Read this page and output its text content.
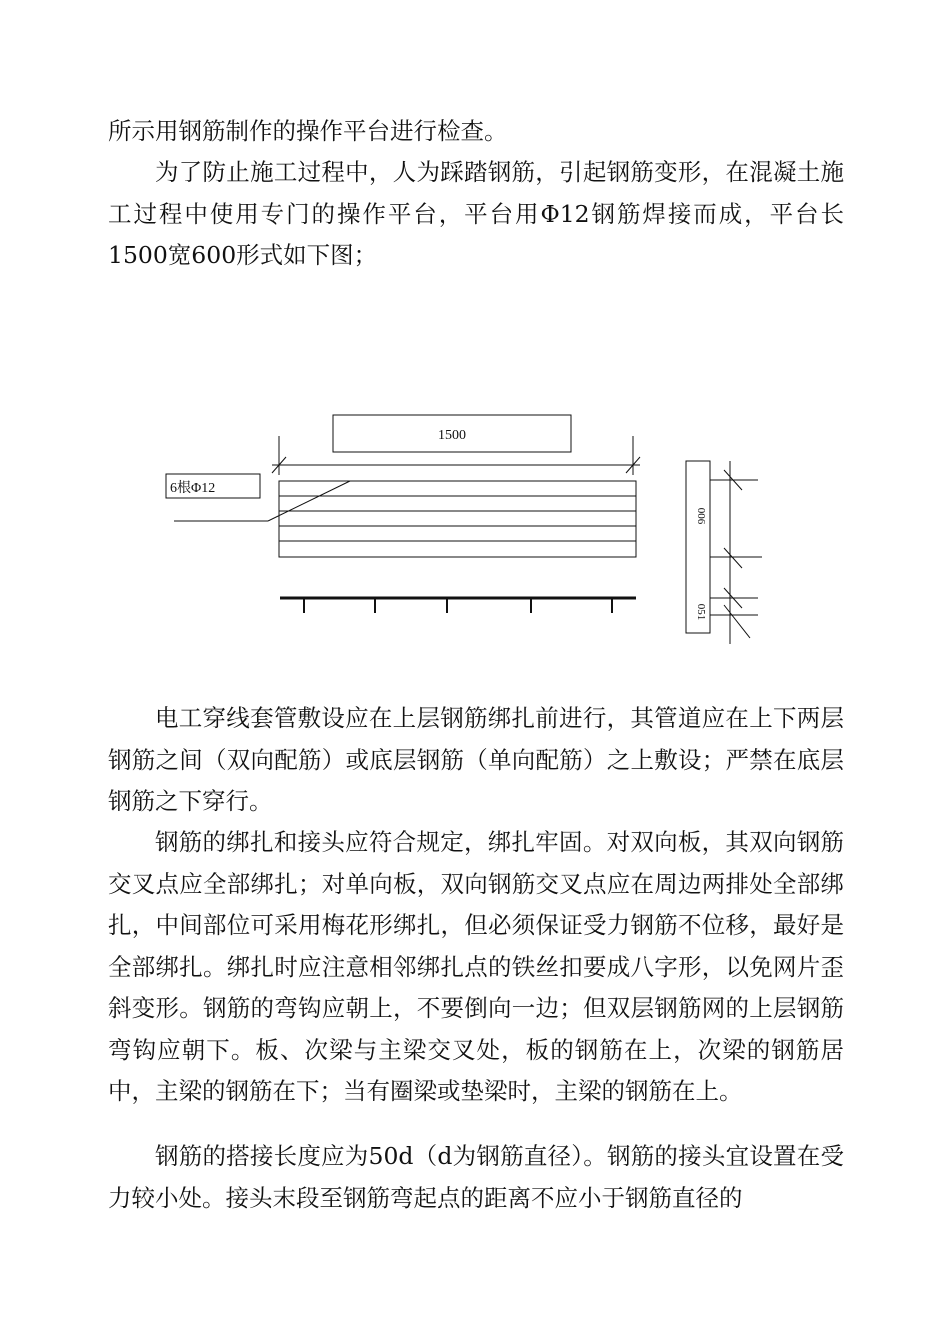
所示用钢筋制作的操作平台进行检查。

为了防止施工过程中，人为踩踏钢筋，引起钢筋变形，在混凝土施工过程中使用专门的操作平台，平台用Φ12钢筋焊接而成，平台长1500宽600形式如下图；

1500
6根Φ12
006
051

电工穿线套管敷设应在上层钢筋绑扎前进行，其管道应在上下两层钢筋之间（双向配筋）或底层钢筋（单向配筋）之上敷设；严禁在底层钢筋之下穿行。

钢筋的绑扎和接头应符合规定，绑扎牢固。对双向板，其双向钢筋交叉点应全部绑扎；对单向板，双向钢筋交叉点应在周边两排处全部绑扎，中间部位可采用梅花形绑扎，但必须保证受力钢筋不位移，最好是全部绑扎。绑扎时应注意相邻绑扎点的铁丝扣要成八字形，以免网片歪斜变形。钢筋的弯钩应朝上，不要倒向一边；但双层钢筋网的上层钢筋弯钩应朝下。板、次梁与主梁交叉处，板的钢筋在上，次梁的钢筋居中，主梁的钢筋在下；当有圈梁或垫梁时，主梁的钢筋在上。

钢筋的搭接长度应为50d（d为钢筋直径）。钢筋的接头宜设置在受力较小处。接头末段至钢筋弯起点的距离不应小于钢筋直径的
